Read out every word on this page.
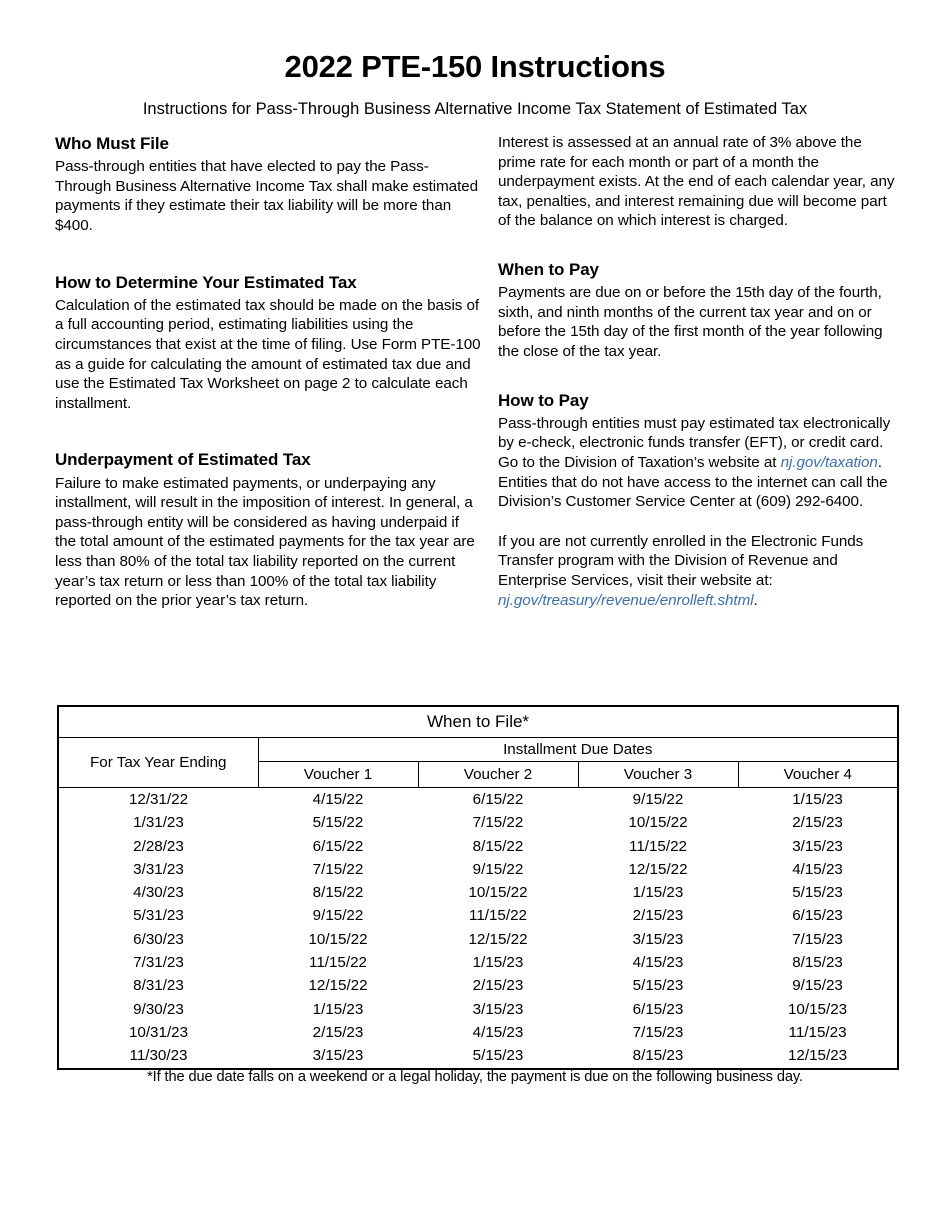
2022 PTE-150 Instructions
Instructions for Pass-Through Business Alternative Income Tax Statement of Estimated Tax
Who Must File

Pass-through entities that have elected to pay the Pass-Through Business Alternative Income Tax shall make estimated payments if they estimate their tax liability will be more than $400.

How to Determine Your Estimated Tax

Calculation of the estimated tax should be made on the basis of a full accounting period, estimating liabilities using the circumstances that exist at the time of filing. Use Form PTE-100 as a guide for calculating the amount of estimated tax due and use the Estimated Tax Worksheet on page 2 to calculate each installment.

Underpayment of Estimated Tax

Failure to make estimated payments, or underpaying any installment, will result in the imposition of interest. In general, a pass-through entity will be considered as having underpaid if the total amount of the estimated payments for the tax year are less than 80% of the total tax liability reported on the current year’s tax return or less than 100% of the total tax liability reported on the prior year’s tax return.

Interest is assessed at an annual rate of 3% above the prime rate for each month or part of a month the underpayment exists. At the end of each calendar year, any tax, penalties, and interest remaining due will become part of the balance on which interest is charged.

When to Pay

Payments are due on or before the 15th day of the fourth, sixth, and ninth months of the current tax year and on or before the 15th day of the first month of the year following the close of the tax year.

How to Pay

Pass-through entities must pay estimated tax electronically by e-check, electronic funds transfer (EFT), or credit card. Go to the Division of Taxation’s website at nj.gov/taxation. Entities that do not have access to the internet can call the Division’s Customer Service Center at (609) 292-6400.

If you are not currently enrolled in the Electronic Funds Transfer program with the Division of Revenue and Enterprise Services, visit their website at: nj.gov/treasury/revenue/enrolleft.shtml.

When to File*				
For Tax Year Ending	Installment Due Dates			
	Voucher 1	Voucher 2	Voucher 3	Voucher 4
12/31/22	4/15/22	6/15/22	9/15/22	1/15/23
1/31/23	5/15/22	7/15/22	10/15/22	2/15/23
2/28/23	6/15/22	8/15/22	11/15/22	3/15/23
3/31/23	7/15/22	9/15/22	12/15/22	4/15/23
4/30/23	8/15/22	10/15/22	1/15/23	5/15/23
5/31/23	9/15/22	11/15/22	2/15/23	6/15/23
6/30/23	10/15/22	12/15/22	3/15/23	7/15/23
7/31/23	11/15/22	1/15/23	4/15/23	8/15/23
8/31/23	12/15/22	2/15/23	5/15/23	9/15/23
9/30/23	1/15/23	3/15/23	6/15/23	10/15/23
10/31/23	2/15/23	4/15/23	7/15/23	11/15/23
11/30/23	3/15/23	5/15/23	8/15/23	12/15/23
*If the due date falls on a weekend or a legal holiday, the payment is due on the following business day.
